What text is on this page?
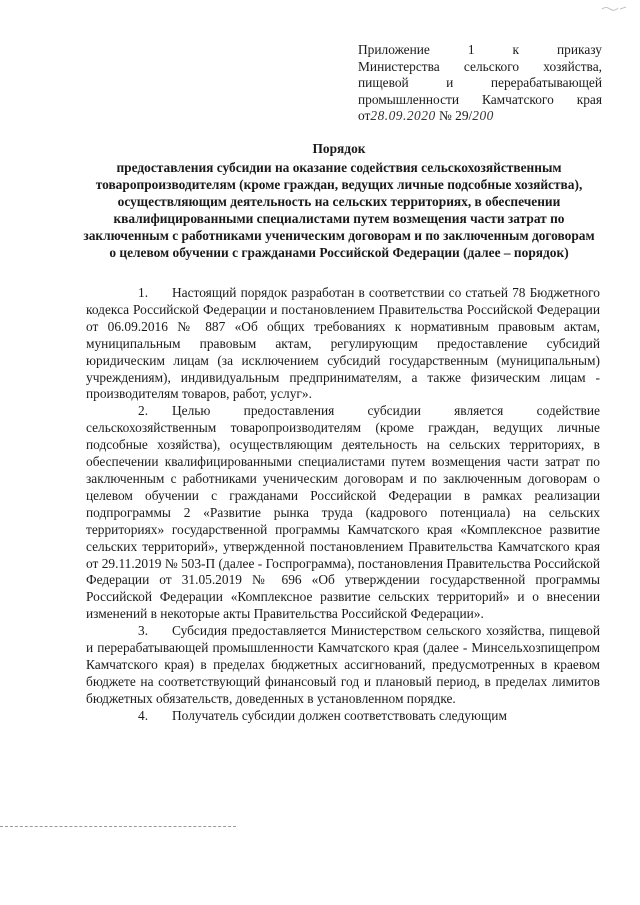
Приложение 1 к приказу
Министерства сельского хозяйства,
пищевой и перерабатывающей
промышленности Камчатского края
от28.09.2020 № 29/200
Порядок
предоставления субсидии на оказание содействия сельскохозяйственным товаропроизводителям (кроме граждан, ведущих личные подсобные хозяйства), осуществляющим деятельность на сельских территориях, в обеспечении квалифицированными специалистами путем возмещения части затрат по заключенным с работниками ученическим договорам и по заключенным договорам о целевом обучении с гражданами Российской Федерации (далее – порядок)

1. Настоящий порядок разработан в соответствии со статьей 78 Бюджетного кодекса Российской Федерации и постановлением Правительства Российской Федерации от 06.09.2016 № 887 «Об общих требованиях к нормативным правовым актам, муниципальным правовым актам, регулирующим предоставление субсидий юридическим лицам (за исключением субсидий государственным (муниципальным) учреждениям), индивидуальным предпринимателям, а также физическим лицам - производителям товаров, работ, услуг».

2. Целью предоставления субсидии является содействие сельскохозяйственным товаропроизводителям (кроме граждан, ведущих личные подсобные хозяйства), осуществляющим деятельность на сельских территориях, в обеспечении квалифицированными специалистами путем возмещения части затрат по заключенным с работниками ученическим договорам и по заключенным договорам о целевом обучении с гражданами Российской Федерации в рамках реализации подпрограммы 2 «Развитие рынка труда (кадрового потенциала) на сельских территориях» государственной программы Камчатского края «Комплексное развитие сельских территорий», утвержденной постановлением Правительства Камчатского края от 29.11.2019 № 503-П (далее - Госпрограмма), постановления Правительства Российской Федерации от 31.05.2019 № 696 «Об утверждении государственной программы Российской Федерации «Комплексное развитие сельских территорий» и о внесении изменений в некоторые акты Правительства Российской Федерации».

3. Субсидия предоставляется Министерством сельского хозяйства, пищевой и перерабатывающей промышленности Камчатского края (далее - Минсельхозпищепром Камчатского края) в пределах бюджетных ассигнований, предусмотренных в краевом бюджете на соответствующий финансовый год и плановый период, в пределах лимитов бюджетных обязательств, доведенных в установленном порядке.

4. Получатель субсидии должен соответствовать следующим
